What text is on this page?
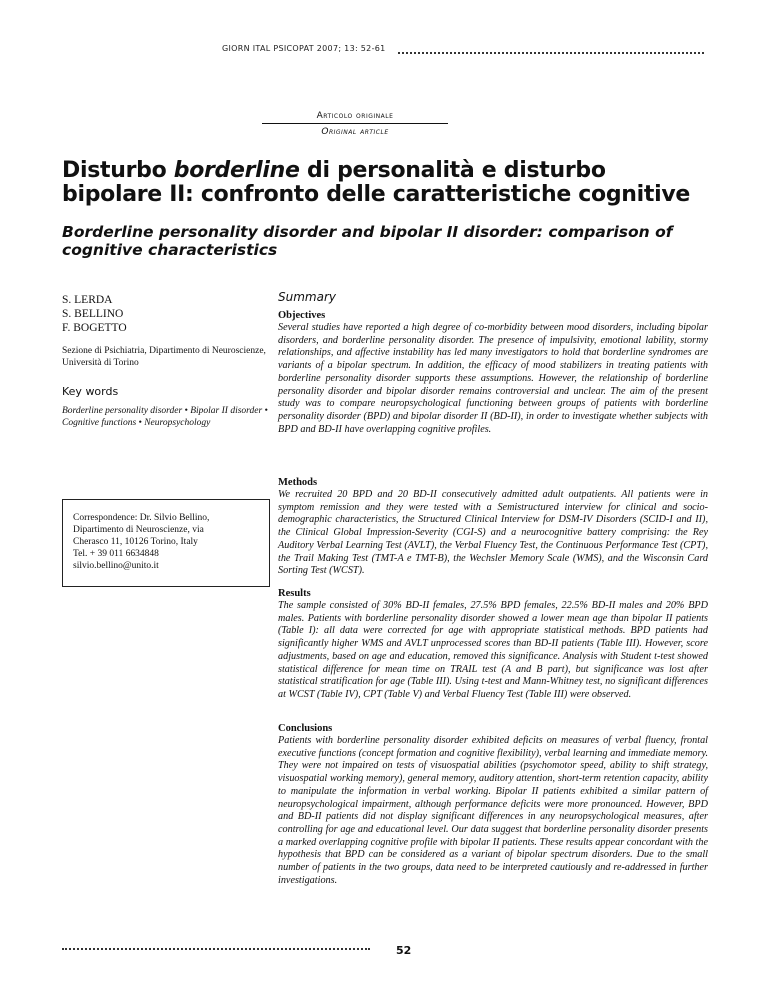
GIORN ITAL PSICOPAT 2007; 13: 52-61
Articolo originale
Original article
Disturbo borderline di personalità e disturbo bipolare II: confronto delle caratteristiche cognitive
Borderline personality disorder and bipolar II disorder: comparison of cognitive characteristics
S. LERDA
S. BELLINO
F. BOGETTO
Sezione di Psichiatria, Dipartimento di Neuroscienze, Università di Torino
Key words
Borderline personality disorder • Bipolar II disorder • Cognitive functions • Neuropsychology
Correspondence: Dr. Silvio Bellino,
Dipartimento di Neuroscienze, via
Cherasco 11, 10126 Torino, Italy
Tel. + 39 011 6634848
silvio.bellino@unito.it
Summary
Objectives

Several studies have reported a high degree of co-morbidity between mood disorders, including bipolar disorders, and borderline personality disorder. The presence of impulsivity, emotional lability, stormy relationships, and affective instability has led many investigators to hold that borderline syndromes are variants of a bipolar spectrum. In addition, the efficacy of mood stabilizers in treating patients with borderline personality disorder supports these assumptions. However, the relationship of borderline personality disorder and bipolar disorder remains controversial and unclear. The aim of the present study was to compare neuropsychological functioning between groups of patients with borderline personality disorder (BPD) and bipolar disorder II (BD-II), in order to investigate whether subjects with BPD and BD-II have overlapping cognitive profiles.

Methods

We recruited 20 BPD and 20 BD-II consecutively admitted adult outpatients. All patients were in symptom remission and they were tested with a Semistructured interview for clinical and socio-demographic characteristics, the Structured Clinical Interview for DSM-IV Disorders (SCID-I and II), the Clinical Global Impression-Severity (CGI-S) and a neurocognitive battery comprising: the Rey Auditory Verbal Learning Test (AVLT), the Verbal Fluency Test, the Continuous Performance Test (CPT), the Trail Making Test (TMT-A e TMT-B), the Wechsler Memory Scale (WMS), and the Wisconsin Card Sorting Test (WCST).

Results

The sample consisted of 30% BD-II females, 27.5% BPD females, 22.5% BD-II males and 20% BPD males. Patients with borderline personality disorder showed a lower mean age than bipolar II patients (Table I): all data were corrected for age with appropriate statistical methods. BPD patients had significantly higher WMS and AVLT unprocessed scores than BD-II patients (Table III). However, score adjustments, based on age and education, removed this significance. Analysis with Student t-test showed statistical difference for mean time on TRAIL test (A and B part), but significance was lost after statistical stratification for age (Table III). Using t-test and Mann-Whitney test, no significant differences at WCST (Table IV), CPT (Table V) and Verbal Fluency Test (Table III) were observed.

Conclusions

Patients with borderline personality disorder exhibited deficits on measures of verbal fluency, frontal executive functions (concept formation and cognitive flexibility), verbal learning and immediate memory. They were not impaired on tests of visuospatial abilities (psychomotor speed, ability to shift strategy, visuospatial working memory), general memory, auditory attention, short-term retention capacity, ability to manipulate the information in verbal working. Bipolar II patients exhibited a similar pattern of neuropsychological impairment, although performance deficits were more pronounced. However, BPD and BD-II patients did not display significant differences in any neuropsychological measures, after controlling for age and educational level. Our data suggest that borderline personality disorder presents a marked overlapping cognitive profile with bipolar II patients. These results appear concordant with the hypothesis that BPD can be considered as a variant of bipolar spectrum disorders. Due to the small number of patients in the two groups, data need to be interpreted cautiously and re-addressed in further investigations.

52
